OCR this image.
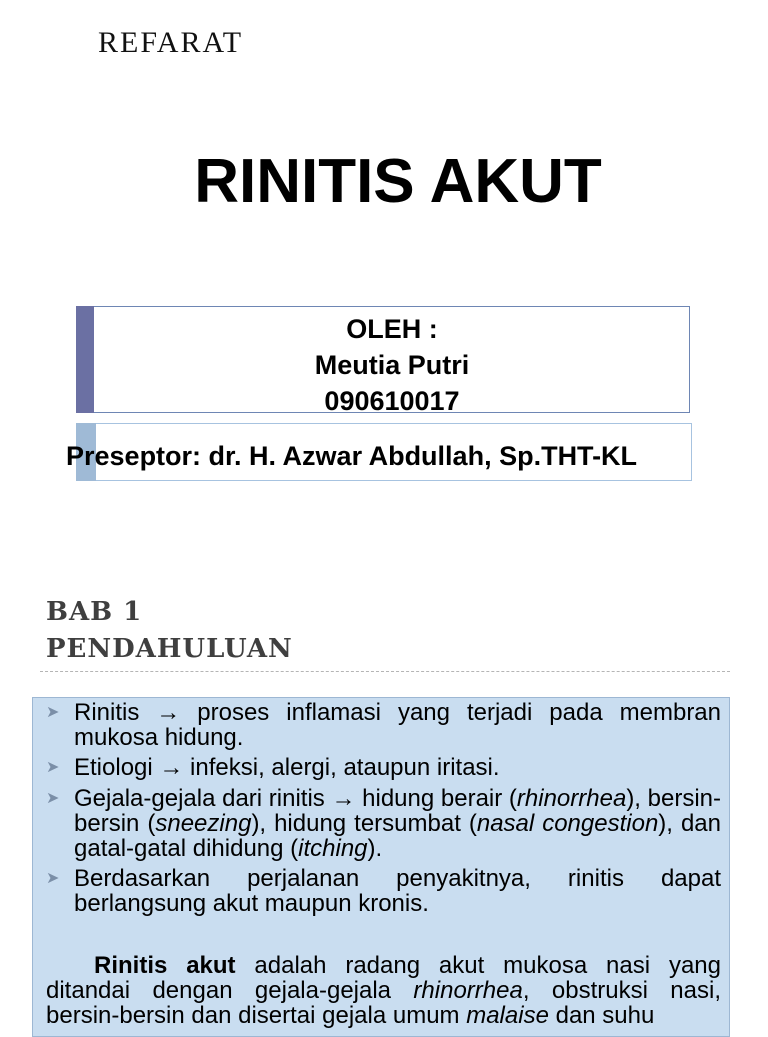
REFARAT
RINITIS AKUT
OLEH :
Meutia Putri
090610017
Preseptor: dr. H. Azwar Abdullah, Sp.THT-KL
BAB 1
PENDAHULUAN
➤ Rinitis → proses inflamasi yang terjadi pada membran mukosa hidung.
➤ Etiologi → infeksi, alergi, ataupun iritasi.
➤ Gejala-gejala dari rinitis → hidung berair (rhinorrhea), bersin-bersin (sneezing), hidung tersumbat (nasal congestion), dan gatal-gatal dihidung (itching).
➤ Berdasarkan perjalanan penyakitnya, rinitis dapat berlangsung akut maupun kronis.
Rinitis akut adalah radang akut mukosa nasi yang ditandai dengan gejala-gejala rhinorrhea, obstruksi nasi, bersin-bersin dan disertai gejala umum malaise dan suhu
